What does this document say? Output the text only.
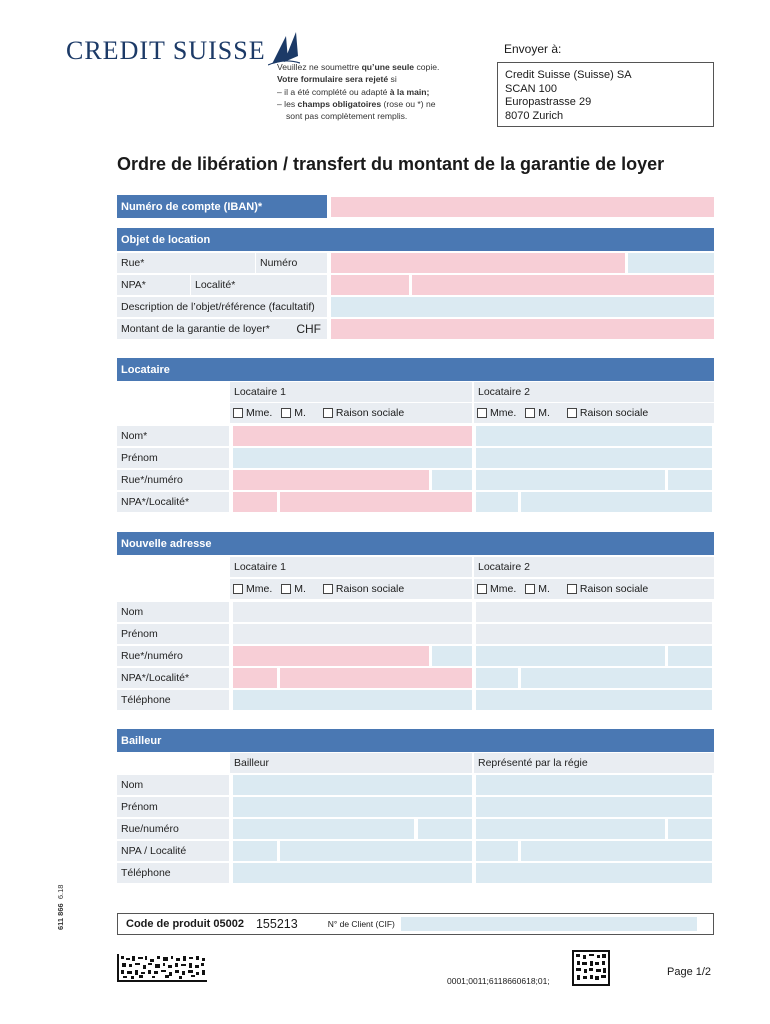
CREDIT SUISSE
Veuillez ne soumettre qu’une seule copie.
Votre formulaire sera rejeté si
– il a été complété ou adapté à la main;
– les champs obligatoires (rose ou *) ne
sont pas complètement remplis.
Envoyer à:
Credit Suisse (Suisse) SA
SCAN 100
Europastrasse 29
8070 Zurich
Ordre de libération / transfert du montant de la garantie de loyer
Numéro de compte (IBAN)*
Objet de location
Rue*	Numéro
NPA*	Localité*
Description de l’objet/référence (facultatif)
Montant de la garantie de loyer* CHF
Locataire
Locataire 1	Locataire 2
Mme. M.	Raison sociale	Mme. M.	Raison sociale
Nom*
Prénom
Rue*/numéro
NPA*/Localité*
Nouvelle adresse
Locataire 1	Locataire 2
Mme. M.	Raison sociale	Mme. M.	Raison sociale
Nom
Prénom
Rue*/numéro
NPA*/Localité*
Téléphone
Bailleur
Bailleur	Représenté par la régie
Nom
Prénom
Rue/numéro
NPA / Localité
Téléphone
Code de produit 05002 155213	N° de Client (CIF)
611 866  6.18
0001;0011;6118660618;01;
Page 1/2
